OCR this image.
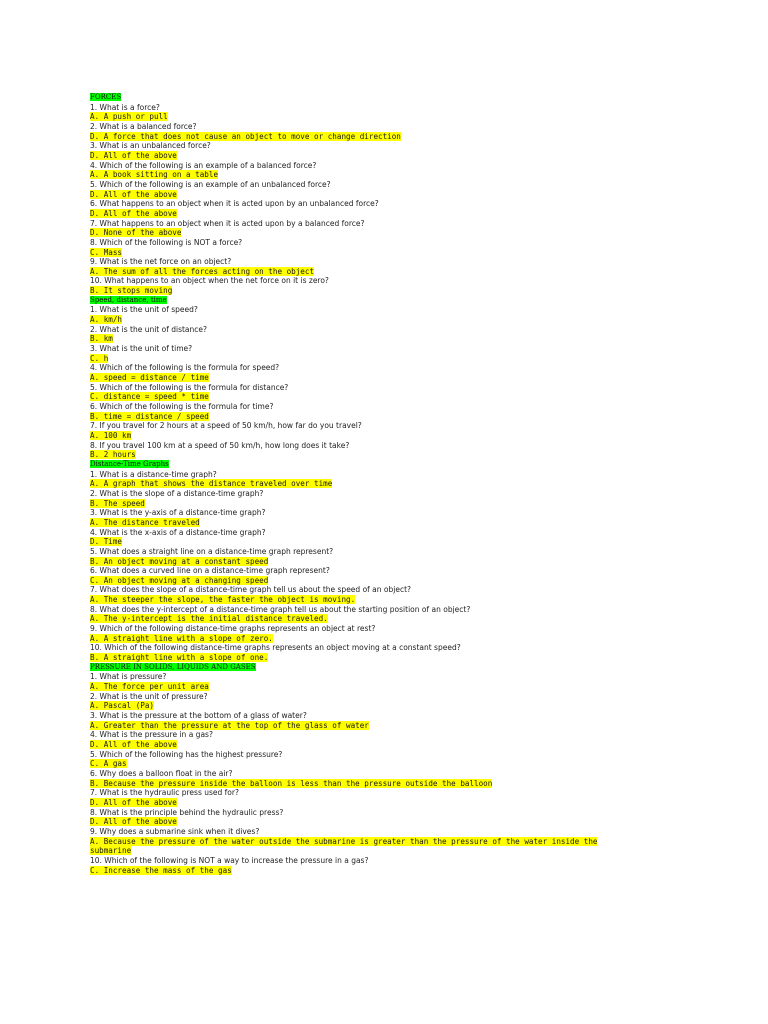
FORCES
1. What is a force?
A. A push or pull
2. What is a balanced force?
D. A force that does not cause an object to move or change direction
3. What is an unbalanced force?
D. All of the above
4. Which of the following is an example of a balanced force?
A. A book sitting on a table
5. Which of the following is an example of an unbalanced force?
D. All of the above
6. What happens to an object when it is acted upon by an unbalanced force?
D. All of the above
7. What happens to an object when it is acted upon by a balanced force?
D. None of the above
8. Which of the following is NOT a force?
C. Mass
9. What is the net force on an object?
A. The sum of all the forces acting on the object
10. What happens to an object when the net force on it is zero?
B. It stops moving
Speed, distance, time
1. What is the unit of speed?
A. km/h
2. What is the unit of distance?
B. km
3. What is the unit of time?
C. h
4. Which of the following is the formula for speed?
A. speed = distance / time
5. Which of the following is the formula for distance?
C. distance = speed * time
6. Which of the following is the formula for time?
B. time = distance / speed
7. If you travel for 2 hours at a speed of 50 km/h, how far do you travel?
A. 100 km
8. If you travel 100 km at a speed of 50 km/h, how long does it take?
B. 2 hours
Distance-Time Graphs
1. What is a distance-time graph?
A. A graph that shows the distance traveled over time
2. What is the slope of a distance-time graph?
B. The speed
3. What is the y-axis of a distance-time graph?
A. The distance traveled
4. What is the x-axis of a distance-time graph?
D. Time
5. What does a straight line on a distance-time graph represent?
B. An object moving at a constant speed
6. What does a curved line on a distance-time graph represent?
C. An object moving at a changing speed
7. What does the slope of a distance-time graph tell us about the speed of an object?
A. The steeper the slope, the faster the object is moving.
8. What does the y-intercept of a distance-time graph tell us about the starting position of an object?
A. The y-intercept is the initial distance traveled.
9. Which of the following distance-time graphs represents an object at rest?
A. A straight line with a slope of zero.
10. Which of the following distance-time graphs represents an object moving at a constant speed?
B. A straight line with a slope of one.
PRESSURE IN SOLIDS, LIQUIDS AND GASES
1. What is pressure?
A. The force per unit area
2. What is the unit of pressure?
A. Pascal (Pa)
3. What is the pressure at the bottom of a glass of water?
A. Greater than the pressure at the top of the glass of water
4. What is the pressure in a gas?
D. All of the above
5. Which of the following has the highest pressure?
C. A gas
6. Why does a balloon float in the air?
B. Because the pressure inside the balloon is less than the pressure outside the balloon
7. What is the hydraulic press used for?
D. All of the above
8. What is the principle behind the hydraulic press?
D. All of the above
9. Why does a submarine sink when it dives?
A. Because the pressure of the water outside the submarine is greater than the pressure of the water inside the submarine
10. Which of the following is NOT a way to increase the pressure in a gas?
C. Increase the mass of the gas
